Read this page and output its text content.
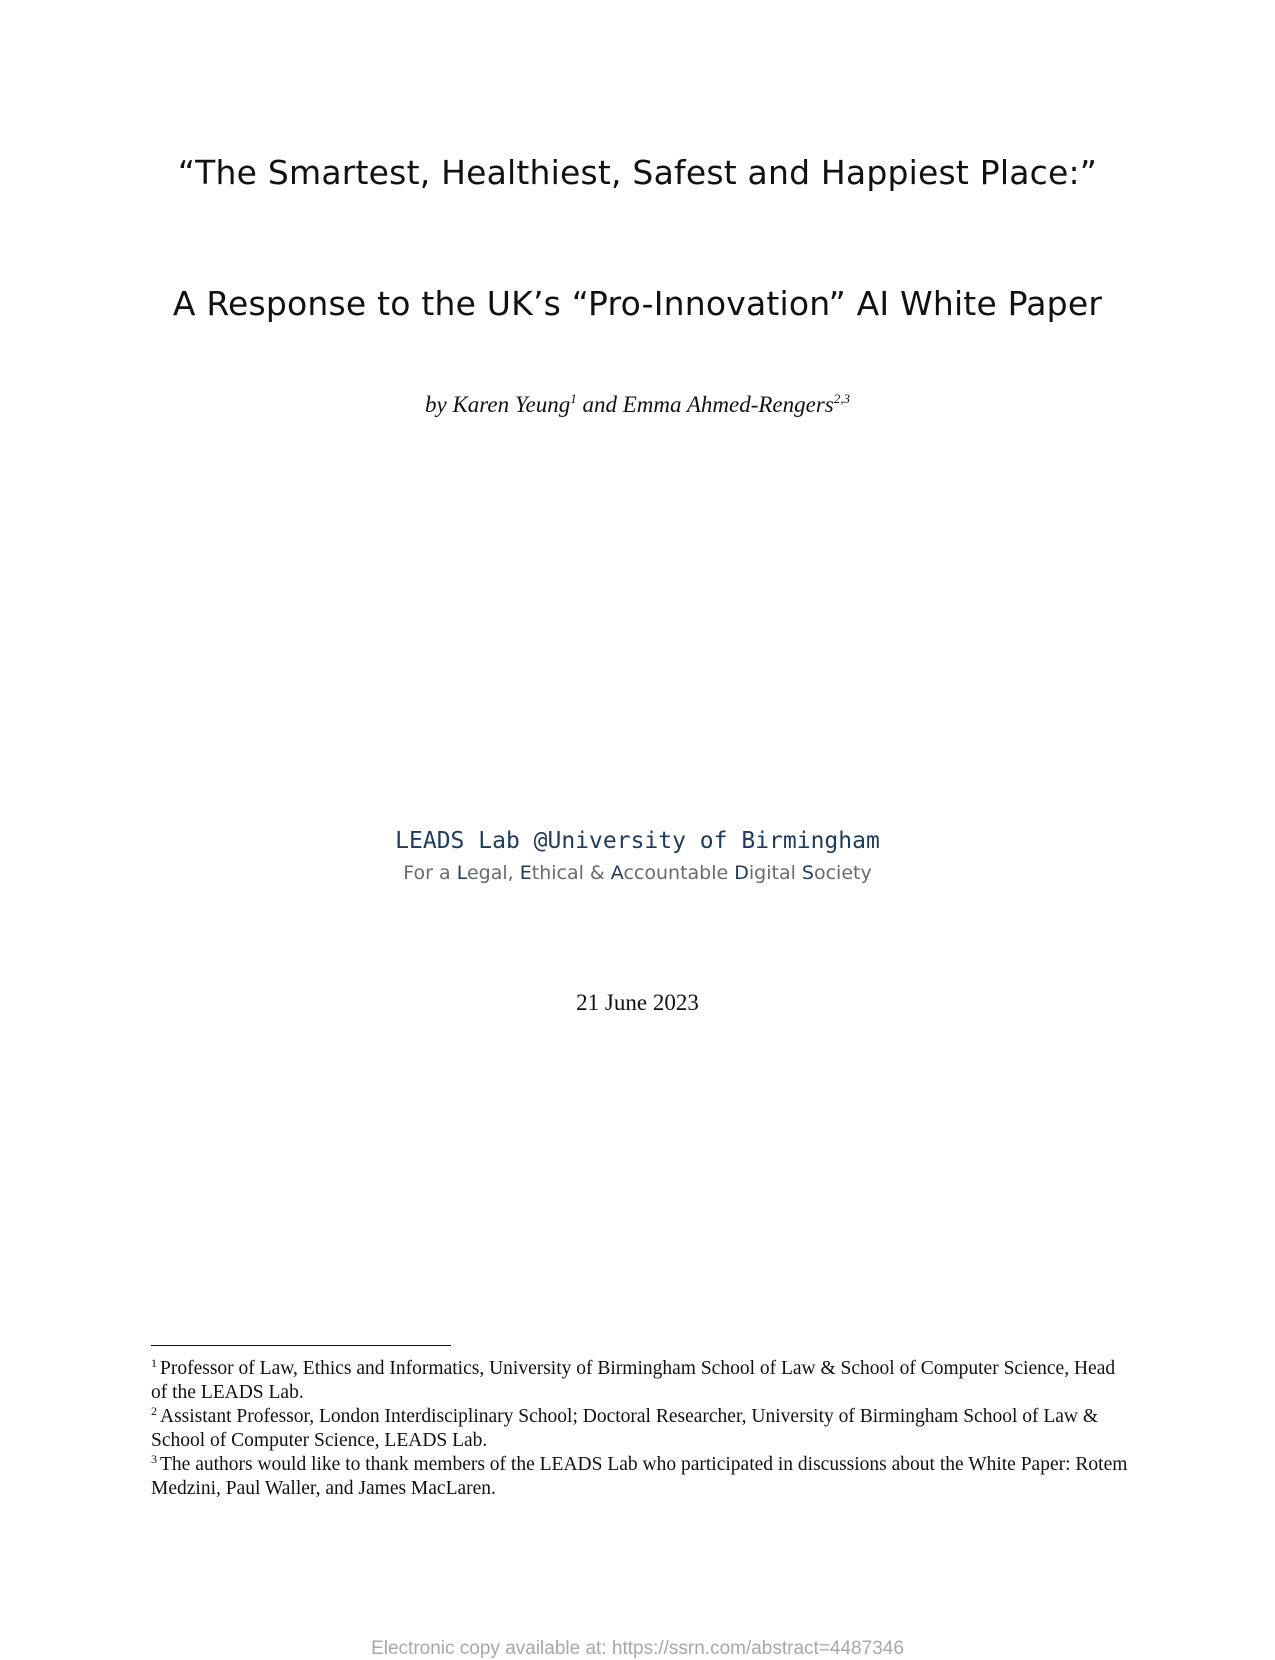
“The Smartest, Healthiest, Safest and Happiest Place:”
A Response to the UK’s “Pro-Innovation” AI White Paper
by Karen Yeung$^1$ and Emma Ahmed-Rengers$^{2,3}$
LEADS Lab @University of Birmingham
For a Legal, Ethical & Accountable Digital Society
21 June 2023

$^1$ Professor of Law, Ethics and Informatics, University of Birmingham School of Law & School of Computer Science, Head of the LEADS Lab.

$^2$ Assistant Professor, London Interdisciplinary School; Doctoral Researcher, University of Birmingham School of Law & School of Computer Science, LEADS Lab.

$^3$ The authors would like to thank members of the LEADS Lab who participated in discussions about the White Paper: Rotem Medzini, Paul Waller, and James MacLaren.

Electronic copy available at: https://ssrn.com/abstract=4487346
